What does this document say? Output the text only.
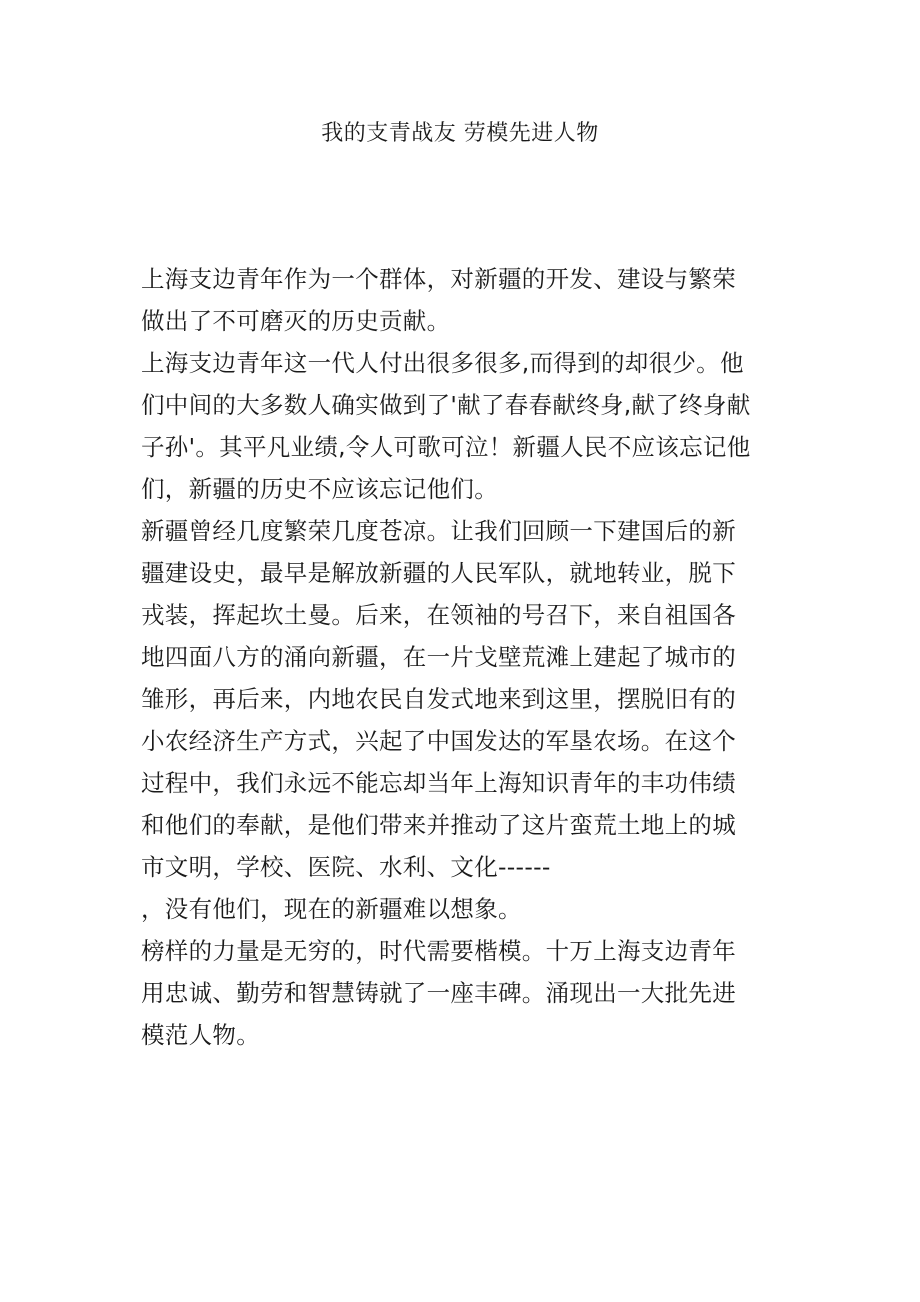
我的支青战友 劳模先进人物
上海支边青年作为一个群体，对新疆的开发、建设与繁荣
做出了不可磨灭的历史贡献。
上海支边青年这一代人付出很多很多,而得到的却很少。他
们中间的大多数人确实做到了'献了春春献终身,献了终身献
子孙'。其平凡业绩,令人可歌可泣！新疆人民不应该忘记他
们，新疆的历史不应该忘记他们。
新疆曾经几度繁荣几度苍凉。让我们回顾一下建国后的新
疆建设史，最早是解放新疆的人民军队，就地转业，脱下
戎装，挥起坎土曼。后来，在领袖的号召下，来自祖国各
地四面八方的涌向新疆，在一片戈壁荒滩上建起了城市的
雏形，再后来，内地农民自发式地来到这里，摆脱旧有的
小农经济生产方式，兴起了中国发达的军垦农场。在这个
过程中，我们永远不能忘却当年上海知识青年的丰功伟绩
和他们的奉献，是他们带来并推动了这片蛮荒土地上的城
市文明，学校、医院、水利、文化------
，没有他们，现在的新疆难以想象。
榜样的力量是无穷的，时代需要楷模。十万上海支边青年
用忠诚、勤劳和智慧铸就了一座丰碑。涌现出一大批先进
模范人物。
